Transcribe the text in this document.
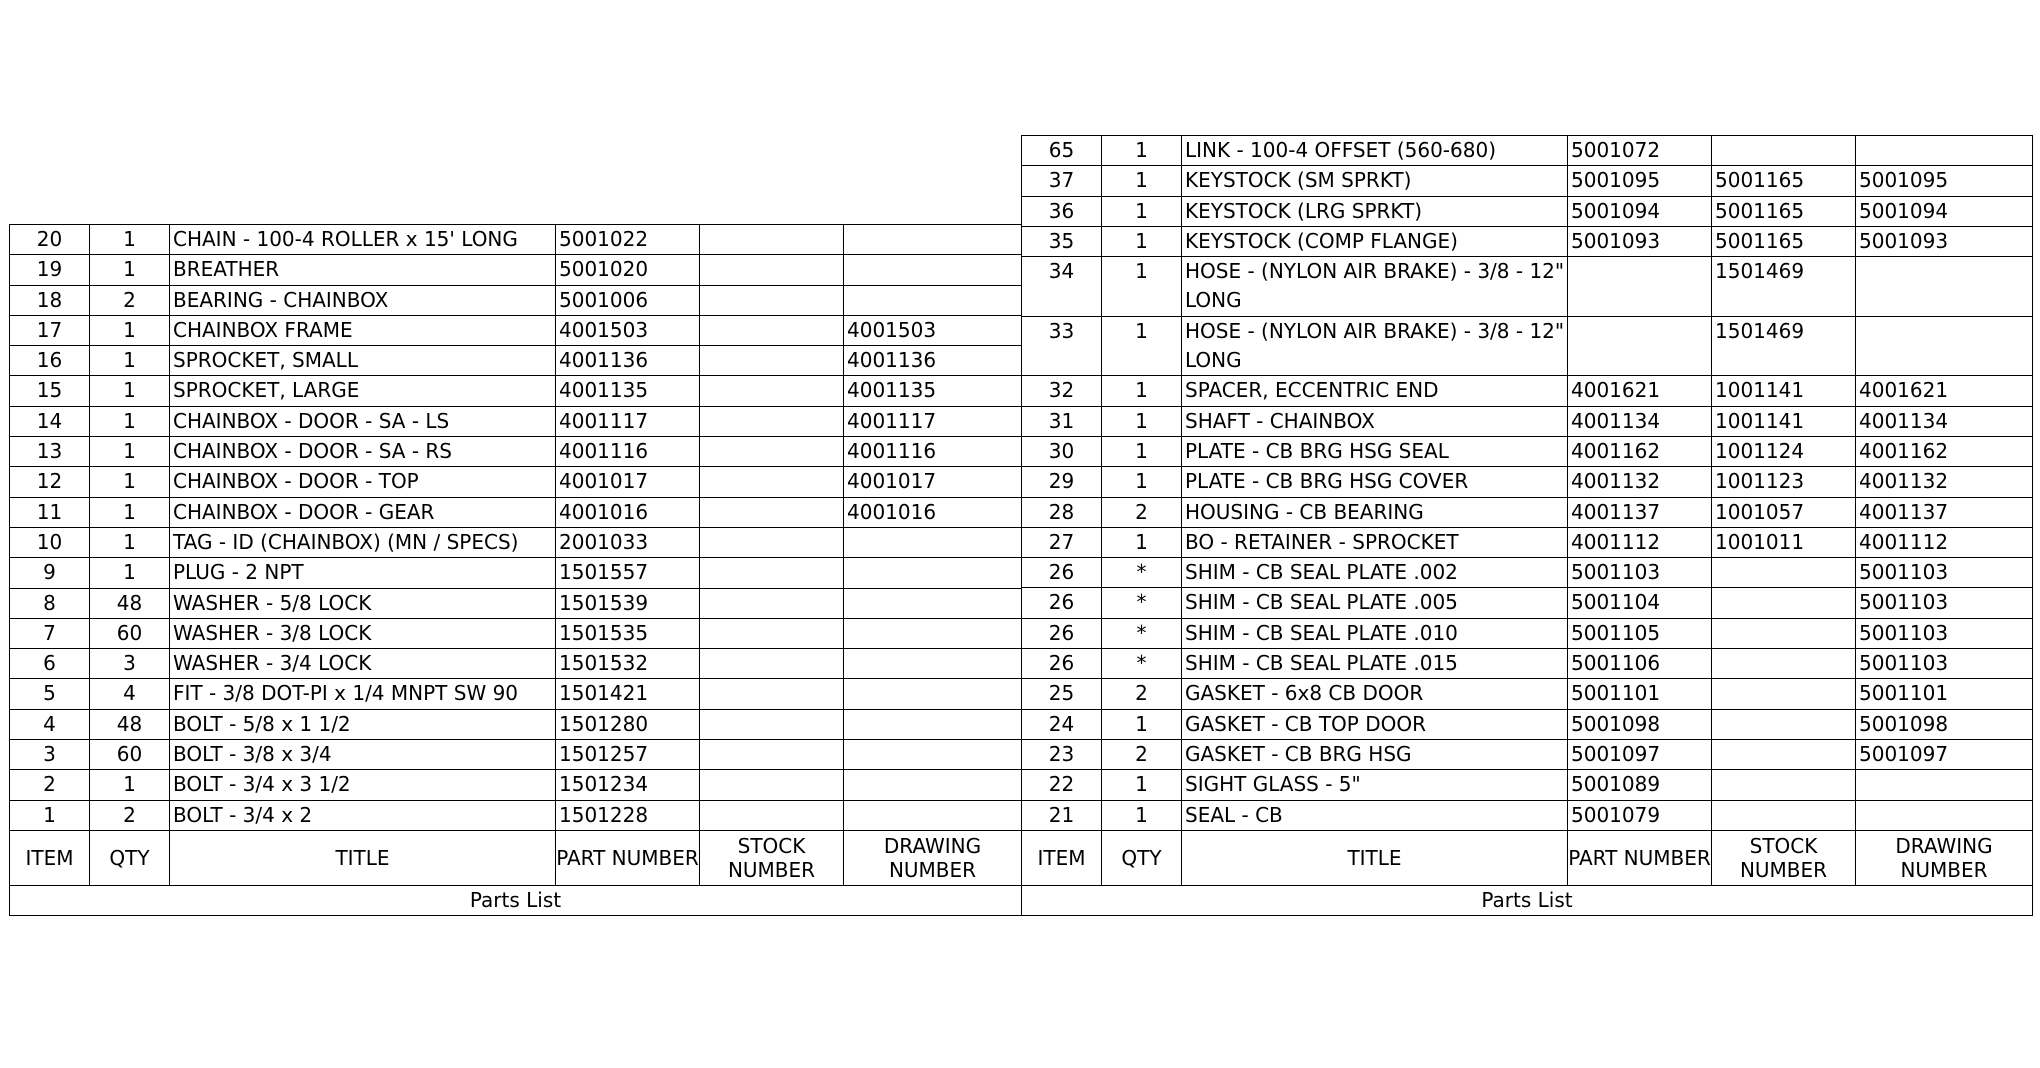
20	1	CHAIN - 100-4 ROLLER x 15' LONG	5001022		
19	1	BREATHER	5001020		
18	2	BEARING - CHAINBOX	5001006		
17	1	CHAINBOX FRAME	4001503		4001503
16	1	SPROCKET, SMALL	4001136		4001136
15	1	SPROCKET, LARGE	4001135		4001135
14	1	CHAINBOX - DOOR - SA - LS	4001117		4001117
13	1	CHAINBOX - DOOR - SA - RS	4001116		4001116
12	1	CHAINBOX - DOOR - TOP	4001017		4001017
11	1	CHAINBOX - DOOR - GEAR	4001016		4001016
10	1	TAG - ID (CHAINBOX) (MN / SPECS)	2001033		
9	1	PLUG - 2 NPT	1501557		
8	48	WASHER - 5/8 LOCK	1501539		
7	60	WASHER - 3/8 LOCK	1501535		
6	3	WASHER - 3/4 LOCK	1501532		
5	4	FIT - 3/8 DOT-PI x 1/4 MNPT SW 90	1501421		
4	48	BOLT - 5/8 x 1 1/2	1501280		
3	60	BOLT - 3/8 x 3/4	1501257		
2	1	BOLT - 3/4 x 3 1/2	1501234		
1	2	BOLT - 3/4 x 2	1501228		
ITEM	QTY	TITLE	PART NUMBER	STOCK NUMBER	DRAWING NUMBER
Parts List					
65	1	LINK - 100-4 OFFSET (560-680)	5001072		
37	1	KEYSTOCK (SM SPRKT)	5001095	5001165	5001095
36	1	KEYSTOCK (LRG SPRKT)	5001094	5001165	5001094
35	1	KEYSTOCK (COMP FLANGE)	5001093	5001165	5001093
34	1	HOSE - (NYLON AIR BRAKE) - 3/8 - 12" LONG		1501469	
33	1	HOSE - (NYLON AIR BRAKE) - 3/8 - 12" LONG		1501469	
32	1	SPACER, ECCENTRIC END	4001621	1001141	4001621
31	1	SHAFT - CHAINBOX	4001134	1001141	4001134
30	1	PLATE - CB BRG HSG SEAL	4001162	1001124	4001162
29	1	PLATE - CB BRG HSG COVER	4001132	1001123	4001132
28	2	HOUSING - CB BEARING	4001137	1001057	4001137
27	1	BO - RETAINER - SPROCKET	4001112	1001011	4001112
26	*	SHIM - CB SEAL PLATE .002	5001103		5001103
26	*	SHIM - CB SEAL PLATE .005	5001104		5001103
26	*	SHIM - CB SEAL PLATE .010	5001105		5001103
26	*	SHIM - CB SEAL PLATE .015	5001106		5001103
25	2	GASKET - 6x8 CB DOOR	5001101		5001101
24	1	GASKET - CB TOP DOOR	5001098		5001098
23	2	GASKET - CB BRG HSG	5001097		5001097
22	1	SIGHT GLASS - 5"	5001089		
21	1	SEAL - CB	5001079		
ITEM	QTY	TITLE	PART NUMBER	STOCK NUMBER	DRAWING NUMBER
Parts List					
